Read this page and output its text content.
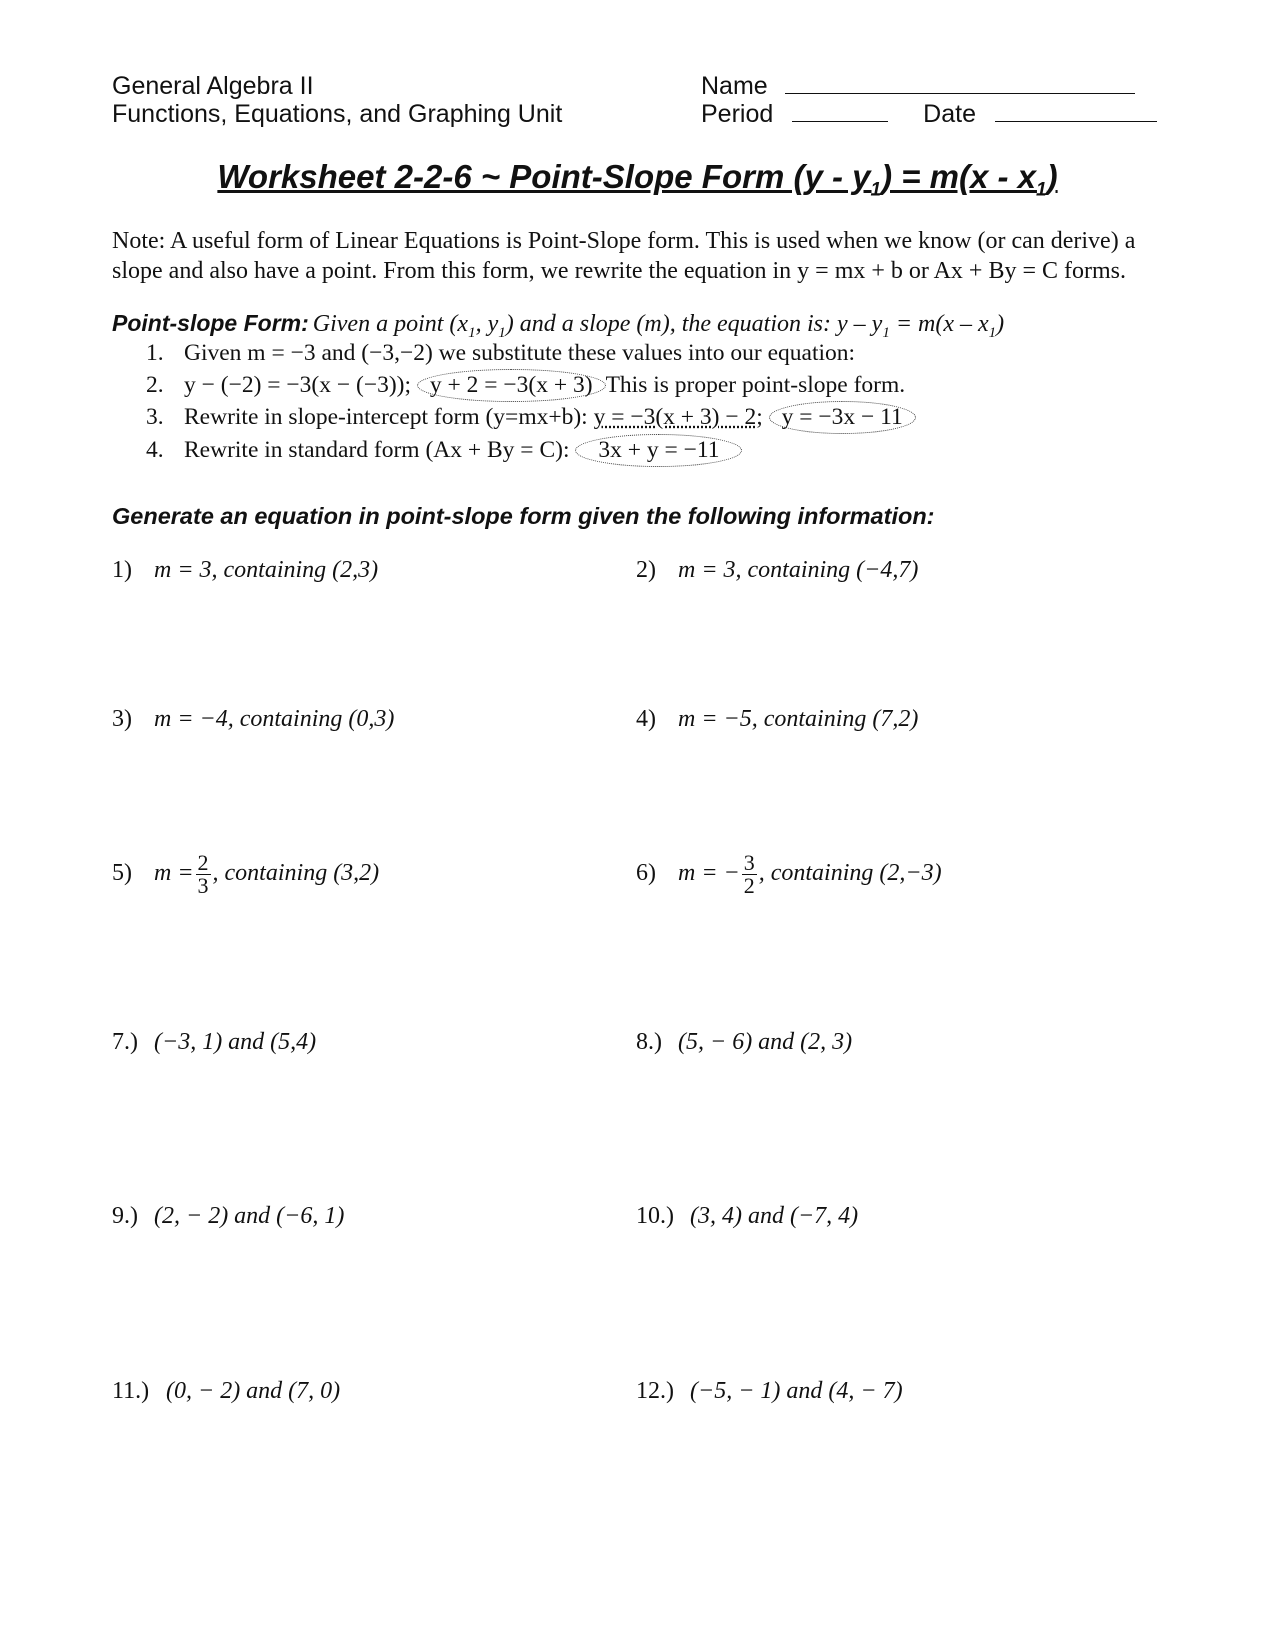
General Algebra II
Functions, Equations, and Graphing Unit
Name
Period	Date
Worksheet 2-2-6 ~ Point-Slope Form $(y - y_1) = m(x - x_1)$
Note: A useful form of Linear Equations is Point-Slope form. This is used when we know (or can derive) a
slope and also have a point. From this form, we rewrite the equation in y = mx + b or Ax + By = C forms.
Point-slope Form: Given a point ($x_1$, $y_1$) and a slope (m), the equation is: $y - y_1 = m(x - x_1)$
1. Given m = −3 and (−3,−2) we substitute these values into our equation:
2. y − (−2) = −3(x − (−3)); y + 2 = −3(x + 3) This is proper point-slope form.
3. Rewrite in slope-intercept form (y=mx+b): y = −3(x + 3) − 2; y = −3x − 11
4. Rewrite in standard form (Ax + By = C): 3x + y = −11
Generate an equation in point-slope form given the following information:
1) m = 3, containing (2,3)	2) m = 3, containing (−4,7)
3) m = −4, containing (0,3)	4) m = −5, containing (7,2)
5) $m = \frac{2}{3}$ , containing (3,2)	6) m = − $\frac{3}{2}$ , containing (2,−3)
7.) (−3, 1) and (5,4)	8.) (5, − 6) and (2, 3)
9.) (2, − 2) and (−6, 1)	10.) (3, 4) and (−7, 4)
11.) (0, − 2) and (7, 0)	12.) (−5, − 1) and (4, − 7)
